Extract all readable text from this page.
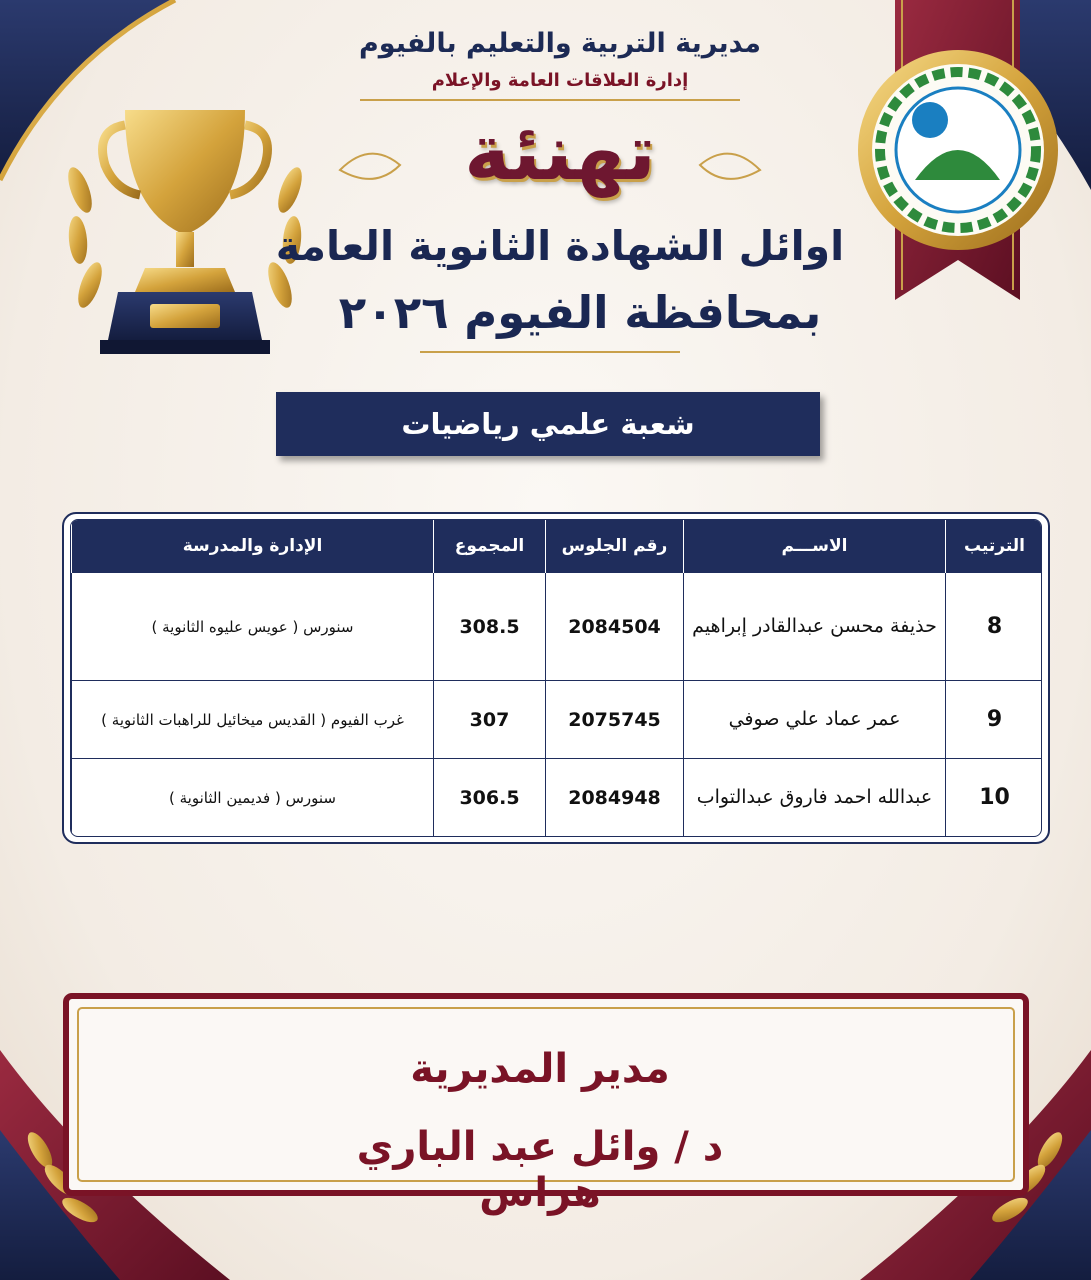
مديرية التربية والتعليم بالفيوم
إدارة العلاقات العامة والإعلام
تهنئة
اوائل الشهادة الثانوية العامة
بمحافظة الفيوم ٢٠٢٦
شعبة علمي رياضيات
الترتيب	الاســـم	رقم الجلوس	المجموع	الإدارة والمدرسة
8	حذيفة محسن عبدالقادر إبراهيم	2084504	308.5	سنورس ( عويس عليوه الثانوية )
9	عمر عماد علي صوفي	2075745	307	غرب الفيوم ( القديس ميخائيل للراهبات الثانوية )
10	عبدالله احمد فاروق عبدالتواب	2084948	306.5	سنورس ( فديمين الثانوية )
مدير المديرية
د / وائل عبد الباري هراس
